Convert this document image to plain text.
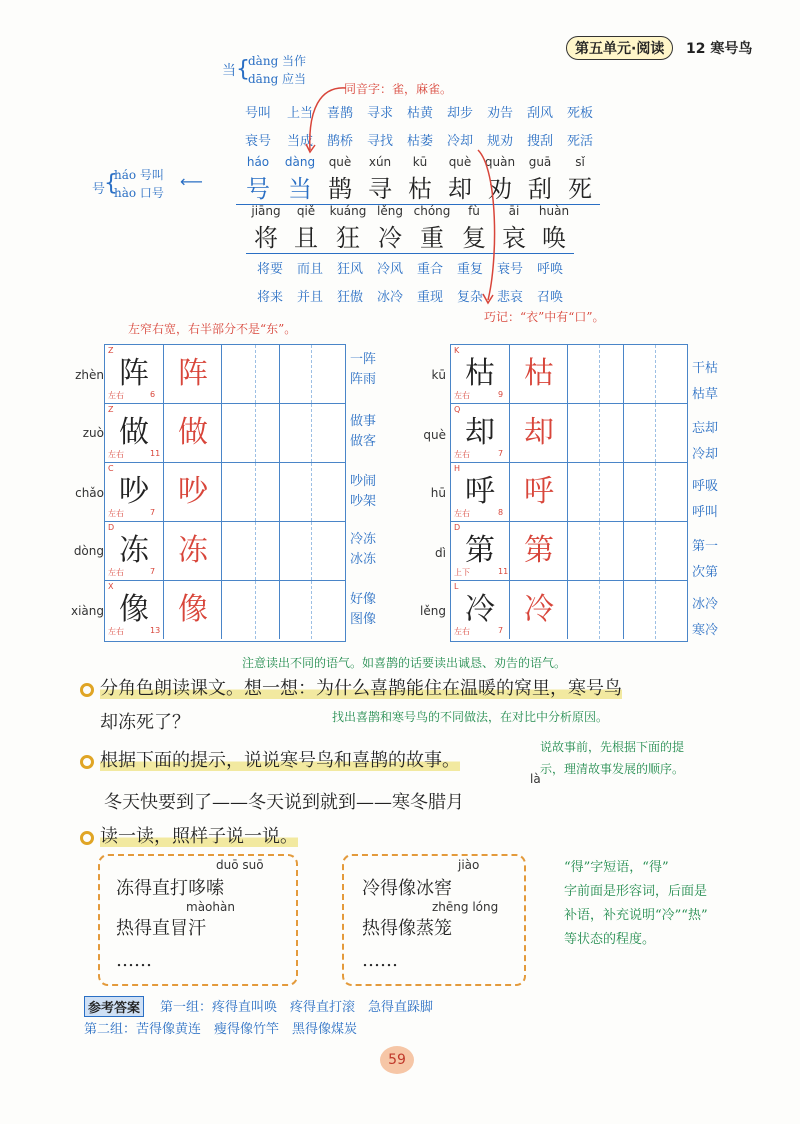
第五单元·阅读	12 寒号鸟
当 {
dàng 当作
dāng 应当
同音字：雀，麻雀。
号叫	上当	喜鹊	寻求	枯黄	却步	劝告	刮风	死板
衰号	当成	鹊桥	寻找	枯萎	冷却	规劝	搜刮	死活
号
{
háo 号叫
hào 口号
⟵
háo	dàng	què	xún	kū	què	quàn	guā	sǐ
号 当 鹊 寻 枯 却 劝 刮 死
jiāng	qiě	kuáng lěng chóng	fù	āi	huàn
将 且 狂 冷 重 复 哀 唤
将要	而且	狂风	冷风	重合	重复	衰号	呼唤
将来	并且	狂傲	冰冷	重现	复杂	悲哀	召唤
巧记：“衣”中有“口”。
左窄右宽，右半部分不是“东”。
zhèn 阵 阵
Z
左右	6
一阵
阵雨
zuò 做 做
Z
左右	11
做事
做客
chǎo 吵 吵
C
左右	7
吵闹
吵架
dòng 冻 冻
D
左右	7
冷冻
冰冻
xiàng 像 像
X
左右	13
好像
图像
kū 枯 枯
K
左右	9
干枯
枯草
què 却 却
Q
左右	7
忘却
冷却
hū 呼 呼
H
左右	8
呼吸
呼叫
dì 第 第
D
上下	11
第一
次第
lěng 冷 冷
L
左右	7
冰冷
寒冷
注意读出不同的语气。如喜鹊的话要读出诚恳、劝告的语气。
分角色朗读课文。想一想：为什么喜鹊能住在温暖的窝里，寒号鸟
却冻死了？	找出喜鹊和寒号鸟的不同做法，在对比中分析原因。
根据下面的提示，说说寒号鸟和喜鹊的故事。
说故事前，先根据下面的提
示，理清故事发展的顺序。
là
冬天快要到了——冬天说到就到——寒冬腊月
读一读，照样子说一说。
duō suō
冻得直打哆嗦
màohàn
热得直冒汗
……
jiào
冷得像冰窖
zhēng lóng
热得像蒸笼
……
“得”字短语，“得”
字前面是形容词，后面是
补语，补充说明“冷”“热”
等状态的程度。
参考答案	第一组：疼得直叫唤　疼得直打滚　急得直跺脚
第二组：苦得像黄连　瘦得像竹竿　黑得像煤炭
59
